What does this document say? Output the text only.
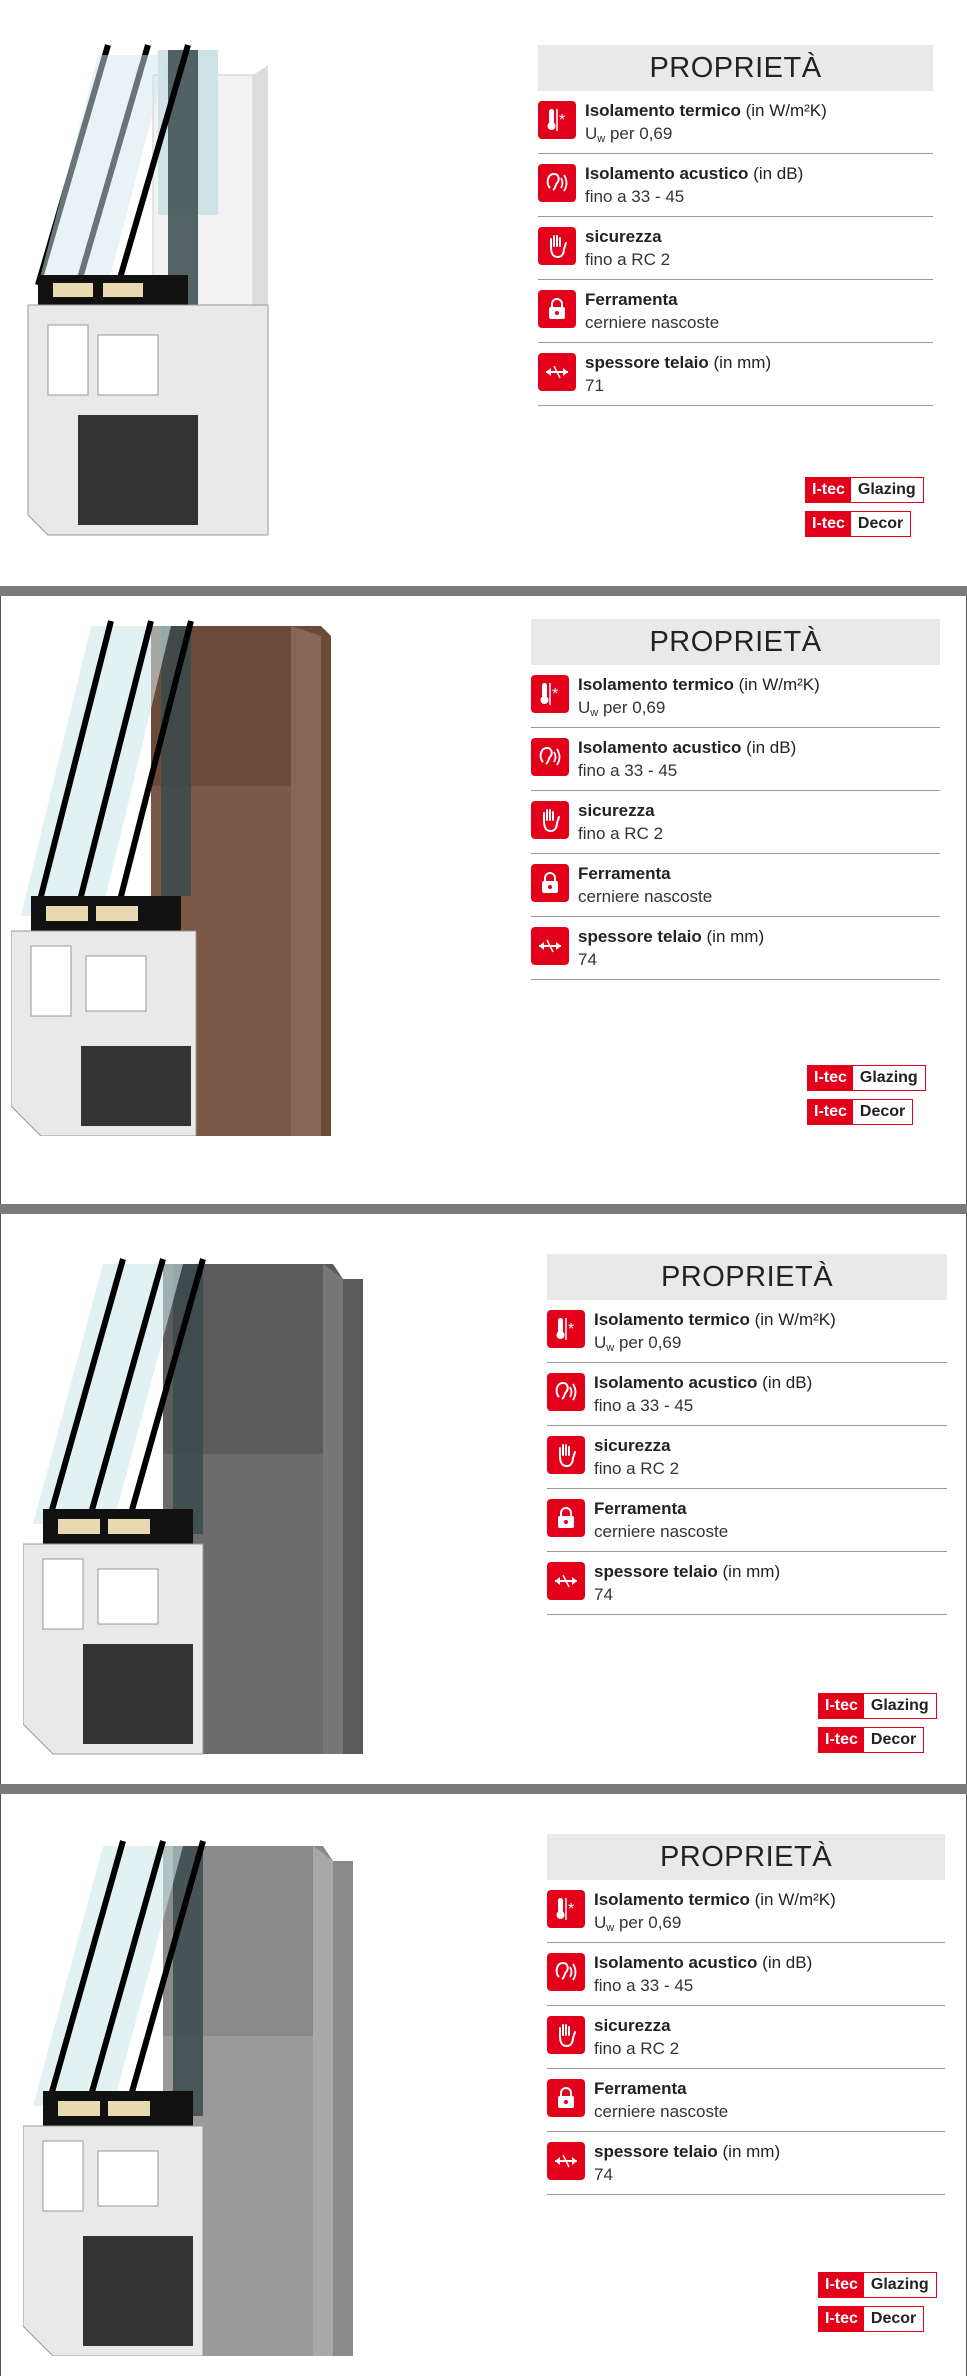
PROPRIETÀ
*
Isolamento termico (in W/m²K)
$U_w$ per 0,69
Isolamento acustico (in dB)
fino a 33 - 45
sicurezza
fino a RC 2
Ferramenta
cerniere nascoste
spessore telaio (in mm)
71
I-tec Glazing
I-tec Decor
PROPRIETÀ
*
Isolamento termico (in W/m²K)
$U_w$ per 0,69
Isolamento acustico (in dB)
fino a 33 - 45
sicurezza
fino a RC 2
Ferramenta
cerniere nascoste
spessore telaio (in mm)
74
I-tec Glazing
I-tec Decor
PROPRIETÀ
*
Isolamento termico (in W/m²K)
$U_w$ per 0,69
Isolamento acustico (in dB)
fino a 33 - 45
sicurezza
fino a RC 2
Ferramenta
cerniere nascoste
spessore telaio (in mm)
74
I-tec Glazing
I-tec Decor
PROPRIETÀ
*
Isolamento termico (in W/m²K)
$U_w$ per 0,69
Isolamento acustico (in dB)
fino a 33 - 45
sicurezza
fino a RC 2
Ferramenta
cerniere nascoste
spessore telaio (in mm)
74
I-tec Glazing
I-tec Decor
